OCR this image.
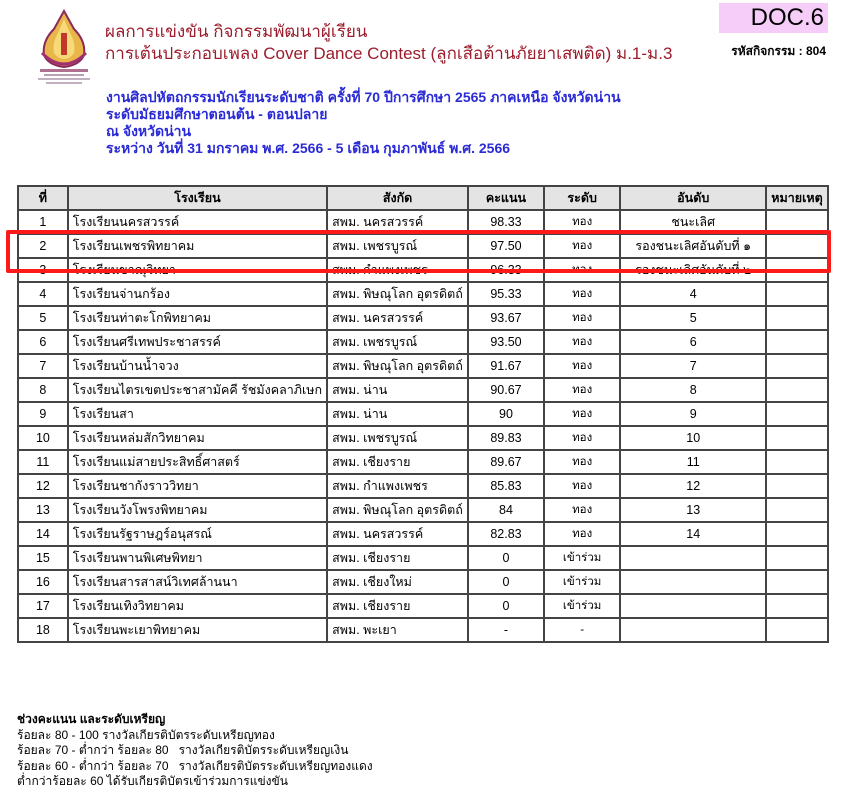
ผลการแข่งขัน กิจกรรมพัฒนาผู้เรียน
การเต้นประกอบเพลง Cover Dance Contest (ลูกเสือต้านภัยยาเสพติด) ม.1-ม.3
DOC.6
รหัสกิจกรรม : 804
งานศิลปหัตถกรรมนักเรียนระดับชาติ ครั้งที่ 70 ปีการศึกษา 2565 ภาคเหนือ จังหวัดน่าน
ระดับมัธยมศึกษาตอนต้น - ตอนปลาย
ณ จังหวัดน่าน
ระหว่าง วันที่ 31 มกราคม พ.ศ. 2566 - 5 เดือน กุมภาพันธ์ พ.ศ. 2566
ที่	โรงเรียน	สังกัด	คะแนน	ระดับ	อันดับ	หมายเหตุ
1	โรงเรียนนครสวรรค์	สพม. นครสวรรค์	98.33	ทอง	ชนะเลิศ	
2	โรงเรียนเพชรพิทยาคม	สพม. เพชรบูรณ์	97.50	ทอง	รองชนะเลิศอันดับที่ ๑	
3	โรงเรียนขาณุวิทยา	สพม. กำแพงเพชร	96.33	ทอง	รองชนะเลิศอันดับที่ ๒	
4	โรงเรียนจ่านกร้อง	สพม. พิษณุโลก อุตรดิตถ์	95.33	ทอง	4	
5	โรงเรียนท่าตะโกพิทยาคม	สพม. นครสวรรค์	93.67	ทอง	5	
6	โรงเรียนศรีเทพประชาสรรค์	สพม. เพชรบูรณ์	93.50	ทอง	6	
7	โรงเรียนบ้านน้ำจวง	สพม. พิษณุโลก อุตรดิตถ์	91.67	ทอง	7	
8	โรงเรียนไตรเขตประชาสามัคคี รัชมังคลาภิเษก	สพม. น่าน	90.67	ทอง	8	
9	โรงเรียนสา	สพม. น่าน	90	ทอง	9	
10	โรงเรียนหล่มสักวิทยาคม	สพม. เพชรบูรณ์	89.83	ทอง	10	
11	โรงเรียนแม่สายประสิทธิ์ศาสตร์	สพม. เชียงราย	89.67	ทอง	11	
12	โรงเรียนชากังราววิทยา	สพม. กำแพงเพชร	85.83	ทอง	12	
13	โรงเรียนวังโพรงพิทยาคม	สพม. พิษณุโลก อุตรดิตถ์	84	ทอง	13	
14	โรงเรียนรัฐราษฎร์อนุสรณ์	สพม. นครสวรรค์	82.83	ทอง	14	
15	โรงเรียนพานพิเศษพิทยา	สพม. เชียงราย	0	เข้าร่วม		
16	โรงเรียนสารสาสน์วิเทศล้านนา	สพม. เชียงใหม่	0	เข้าร่วม		
17	โรงเรียนเทิงวิทยาคม	สพม. เชียงราย	0	เข้าร่วม		
18	โรงเรียนพะเยาพิทยาคม	สพม. พะเยา	-	-		
ช่วงคะแนน และระดับเหรียญ
ร้อยละ 80 - 100 รางวัลเกียรติบัตรระดับเหรียญทอง
ร้อยละ 70 - ต่ำกว่า ร้อยละ 80   รางวัลเกียรติบัตรระดับเหรียญเงิน
ร้อยละ 60 - ต่ำกว่า ร้อยละ 70   รางวัลเกียรติบัตรระดับเหรียญทองแดง
ต่ำกว่าร้อยละ 60 ได้รับเกียรติบัตรเข้าร่วมการแข่งขัน
